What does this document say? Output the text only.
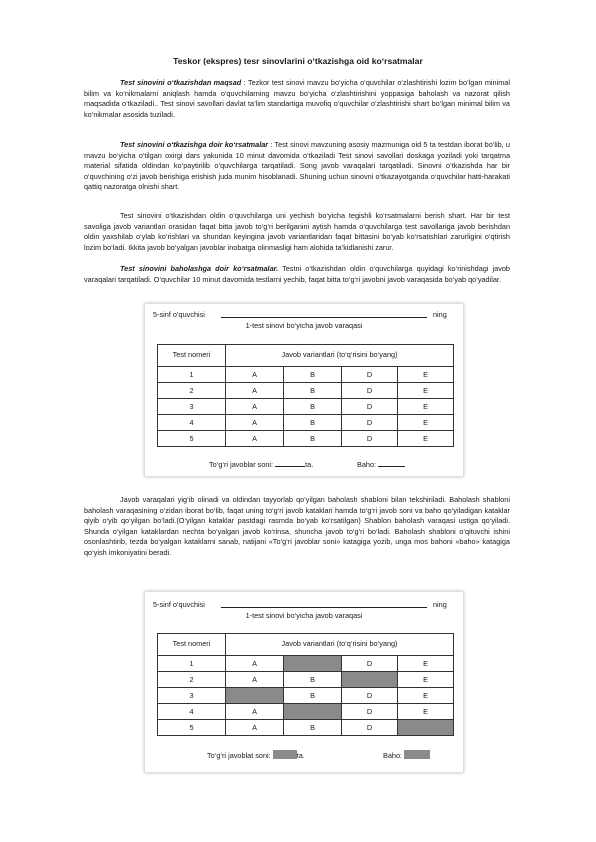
Teskor (ekspres) tesr sinovlarini o‘tkazishga oid ko‘rsatmalar

Test sinovini o‘tkazishdan maqsad : Tezkor test sinovi mavzu bo‘yicha o‘quvchilar o‘zlashtirishi lozim bo‘lgan minimal bilim va ko‘nikmalarni aniqlash hamda o‘quvchilarning mavzu bo‘yicha o‘zlashtirishini yoppasiga baholash va nazorat qilish maqsadida o‘tkaziladi.. Test sinovi savollari davlat ta’lim standartiga muvofiq o‘quvchilar o‘zlashtirishi shart bo‘lgan minimal bilim va ko‘nikmalar asosida tuziladi.

Test sinovini o‘tkazishga doir ko‘rsatmalar : Test sinovi mavzuning asosiy mazmuniga oid 5 ta testdan iborat bo‘lib, u mavzu bo‘yicha o‘tilgan oxirgi dars yakunida 10 minut davomida o‘tkaziladi Test sinovi savollari doskaga yoziladi yoki tarqatma material sifatida oldindan ko‘paytirilib o‘quvchilarga tarqatiladi. Song javob varaqalari tarqatiladi. Sinovni o‘tkazishda har bir o‘quvchining o‘zi javob berishiga erishish juda munim hisoblanadi. Shuning uchun sinovni o‘tkazayotganda o‘quvchilar hatti-harakati qattiq nazoratga olnishi shart.

Test sinovini o‘tkazishdan oldin o‘quvchilarga uni yechish bo‘yicha tegishli ko‘rsatmalarni berish shart. Har bir test savoliga javob variantlari orasidan faqat bitta javob to‘g‘ri berilganini aytish hamda o‘quvchilarga test savollariga javob berishdan oldin yaxshilab o‘ylab ko‘rishlari va shundan keyingina javob variantlaridan faqat bittasini bo‘yab ko‘rsatishlari zarurligini o‘qtirish lozim bo‘ladi. Ikkita javob bo‘yalgan javoblar inobatga olinmasligi ham alohida ta’kidlanishi zarur.

Test sinovini baholashga doir ko‘rsatmalar. Testni o‘tkazishdan oldin o‘quvchilarga quyidagi ko‘rinishdagi javob varaqalari tarqatiladi. O‘quvchilar 10 minut davomida testlarni yechib, faqat bitta to‘g‘ri javobni javob varaqasida bo‘yab qo‘yadilar.

5-sinf o‘quvchisi	ning
1-test sinovi bo‘yicha javob varaqasi
Test nomeri	Javob variantlari (to‘q‘risini bo‘yang)			
1	A	B	D	E
2	A	B	D	E
3	A	B	D	E
4	A	B	D	E
5	A	B	D	E
To‘g‘ri javoblar soni:	ta.	Baho:

Javob varaqalari yig‘ib olinadi va oldindan tayyorlab qo‘yilgan baholash shabloni bilan tekshiriladi. Baholash shabloni baholash varaqasining o‘zidan iborat bo‘lib, faqat uning to‘g‘ri javob kataklari hamda to‘g‘ri javob soni va baho qo‘yiladigan kataklar qiyib o‘yib qo‘yilgan bo‘ladi.(O‘yilgan kataklar pastdagi rasmda bo‘yab ko‘rsatilgan) Shablon baholash varaqasi ustiga qo‘yiladi. Shunda o‘yilgan kataklardan nechta bo‘yalgan javob ko‘rinsa, shuncha javob to‘g‘ri bo‘ladi. Baholash shabloni o‘qituvchi ishini osonlashtirib, tezda bo‘yalgan kataklarni sanab, natijani «To‘g‘ri javoblar soni» katagiga yozib, unga mos bahoni «baho» katagiga qo‘yish imkoniyatini beradi.

5-sinf o‘quvchisi	ning
1-test sinovi bo‘yicha javob varaqasi
Test nomeri	Javob variantlari (to‘q‘risini bo‘yang)			
1	A		D	E
2	A	B		E
3		B	D	E
4	A		D	E
5	A	B	D	
To‘g‘ri javoblat soni:	ta.	Baho:
